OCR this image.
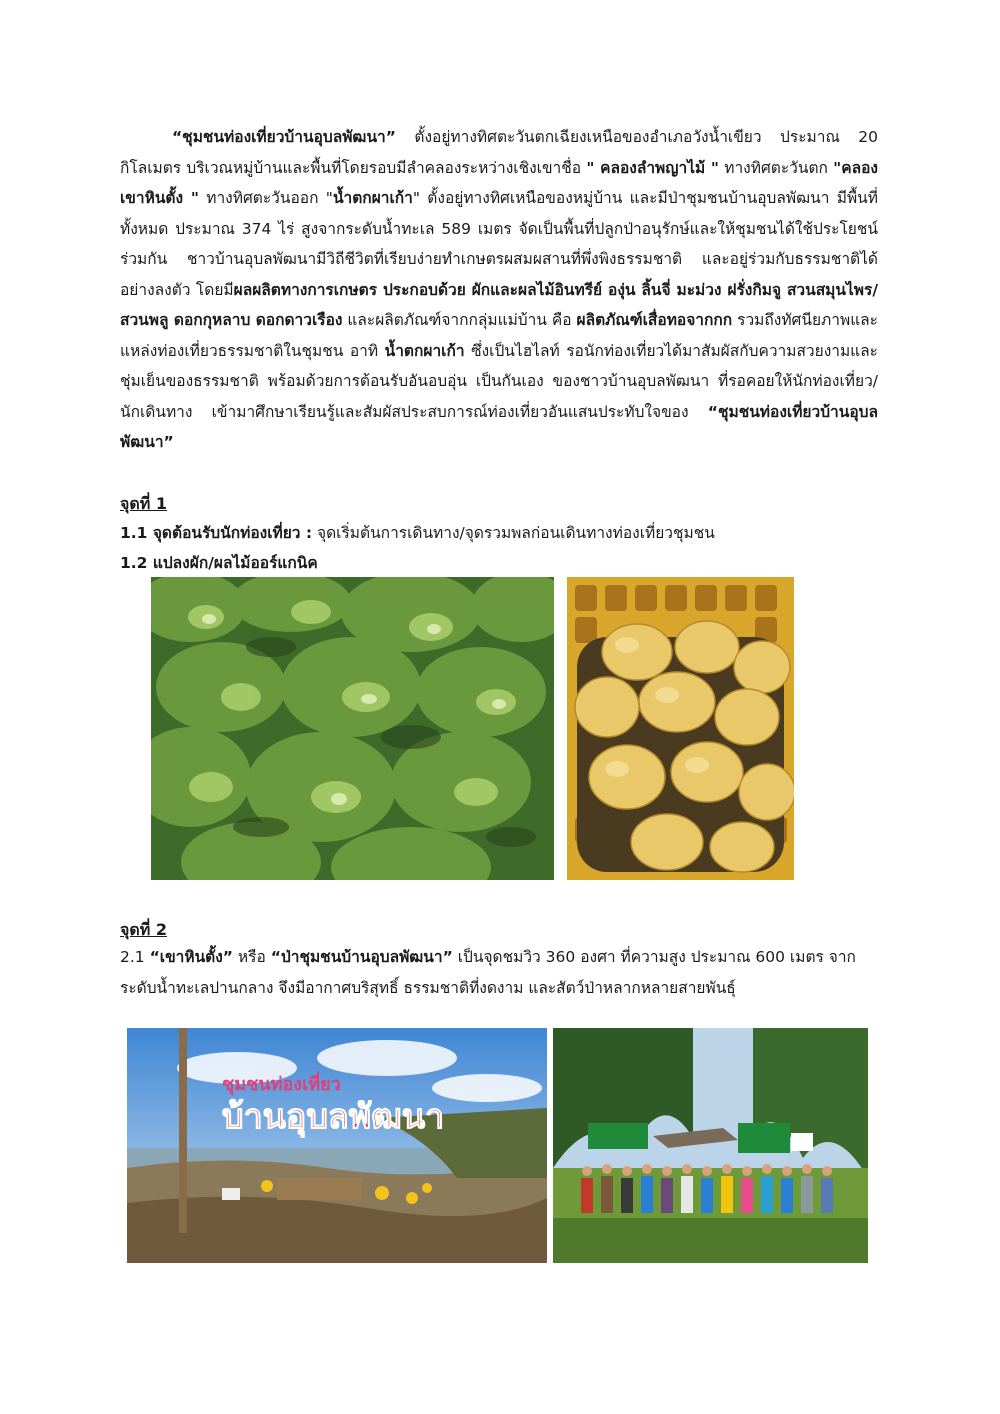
“ชุมชนท่องเที่ยวบ้านอุบลพัฒนา” ตั้งอยู่ทางทิศตะวันตกเฉียงเหนือของอำเภอวังน้ำเขียว ประมาณ 20 กิโลเมตร บริเวณหมู่บ้านและพื้นที่โดยรอบมีลำคลองระหว่างเชิงเขาชื่อ " คลองลำพญาไม้ " ทางทิศตะวันตก "คลองเขาหินตั้ง " ทางทิศตะวันออก "น้ำตกผาเก้า" ตั้งอยู่ทางทิศเหนือของหมู่บ้าน และมีป่าชุมชนบ้านอุบลพัฒนา มีพื้นที่ทั้งหมด ประมาณ 374 ไร่ สูงจากระดับน้ำทะเล 589 เมตร จัดเป็นพื้นที่ปลูกป่าอนุรักษ์และให้ชุมชนได้ใช้ประโยชน์ร่วมกัน ชาวบ้านอุบลพัฒนามีวิถีชีวิตที่เรียบง่ายทำเกษตรผสมผสานที่พึ่งพิงธรรมชาติ และอยู่ร่วมกับธรรมชาติได้อย่างลงตัว โดยมีผลผลิตทางการเกษตร ประกอบด้วย ผักและผลไม้อินทรีย์ องุ่น ลิ้นจี่ มะม่วง ฝรั่งกิมจู สวนสมุนไพร/สวนพลู ดอกกุหลาบ ดอกดาวเรือง และผลิตภัณฑ์จากกลุ่มแม่บ้าน คือ ผลิตภัณฑ์เสื่อทอจากกก รวมถึงทัศนียภาพและแหล่งท่องเที่ยวธรรมชาติในชุมชน อาทิ น้ำตกผาเก้า ซึ่งเป็นไฮไลท์ รอนักท่องเที่ยวได้มาสัมผัสกับความสวยงามและชุ่มเย็นของธรรมชาติ พร้อมด้วยการต้อนรับอันอบอุ่น เป็นกันเอง ของชาวบ้านอุบลพัฒนา ที่รอคอยให้นักท่องเที่ยว/นักเดินทาง เข้ามาศึกษาเรียนรู้และสัมผัสประสบการณ์ท่องเที่ยวอันแสนประทับใจของ “ชุมชนท่องเที่ยวบ้านอุบลพัฒนา”
จุดที่ 1
1.1 จุดต้อนรับนักท่องเที่ยว : จุดเริ่มต้นการเดินทาง/จุดรวมพลก่อนเดินทางท่องเที่ยวชุมชน
1.2 แปลงผัก/ผลไม้ออร์แกนิค
จุดที่ 2
2.1 “เขาหินตั้ง” หรือ “ป่าชุมชนบ้านอุบลพัฒนา” เป็นจุดชมวิว 360 องศา ที่ความสูง ประมาณ 600 เมตร จากระดับน้ำทะเลปานกลาง จึงมีอากาศบริสุทธิ์ ธรรมชาติที่งดงาม และสัตว์ป่าหลากหลายสายพันธุ์
ชุมชนท่องเที่ยว
บ้านอุบลพัฒนา
